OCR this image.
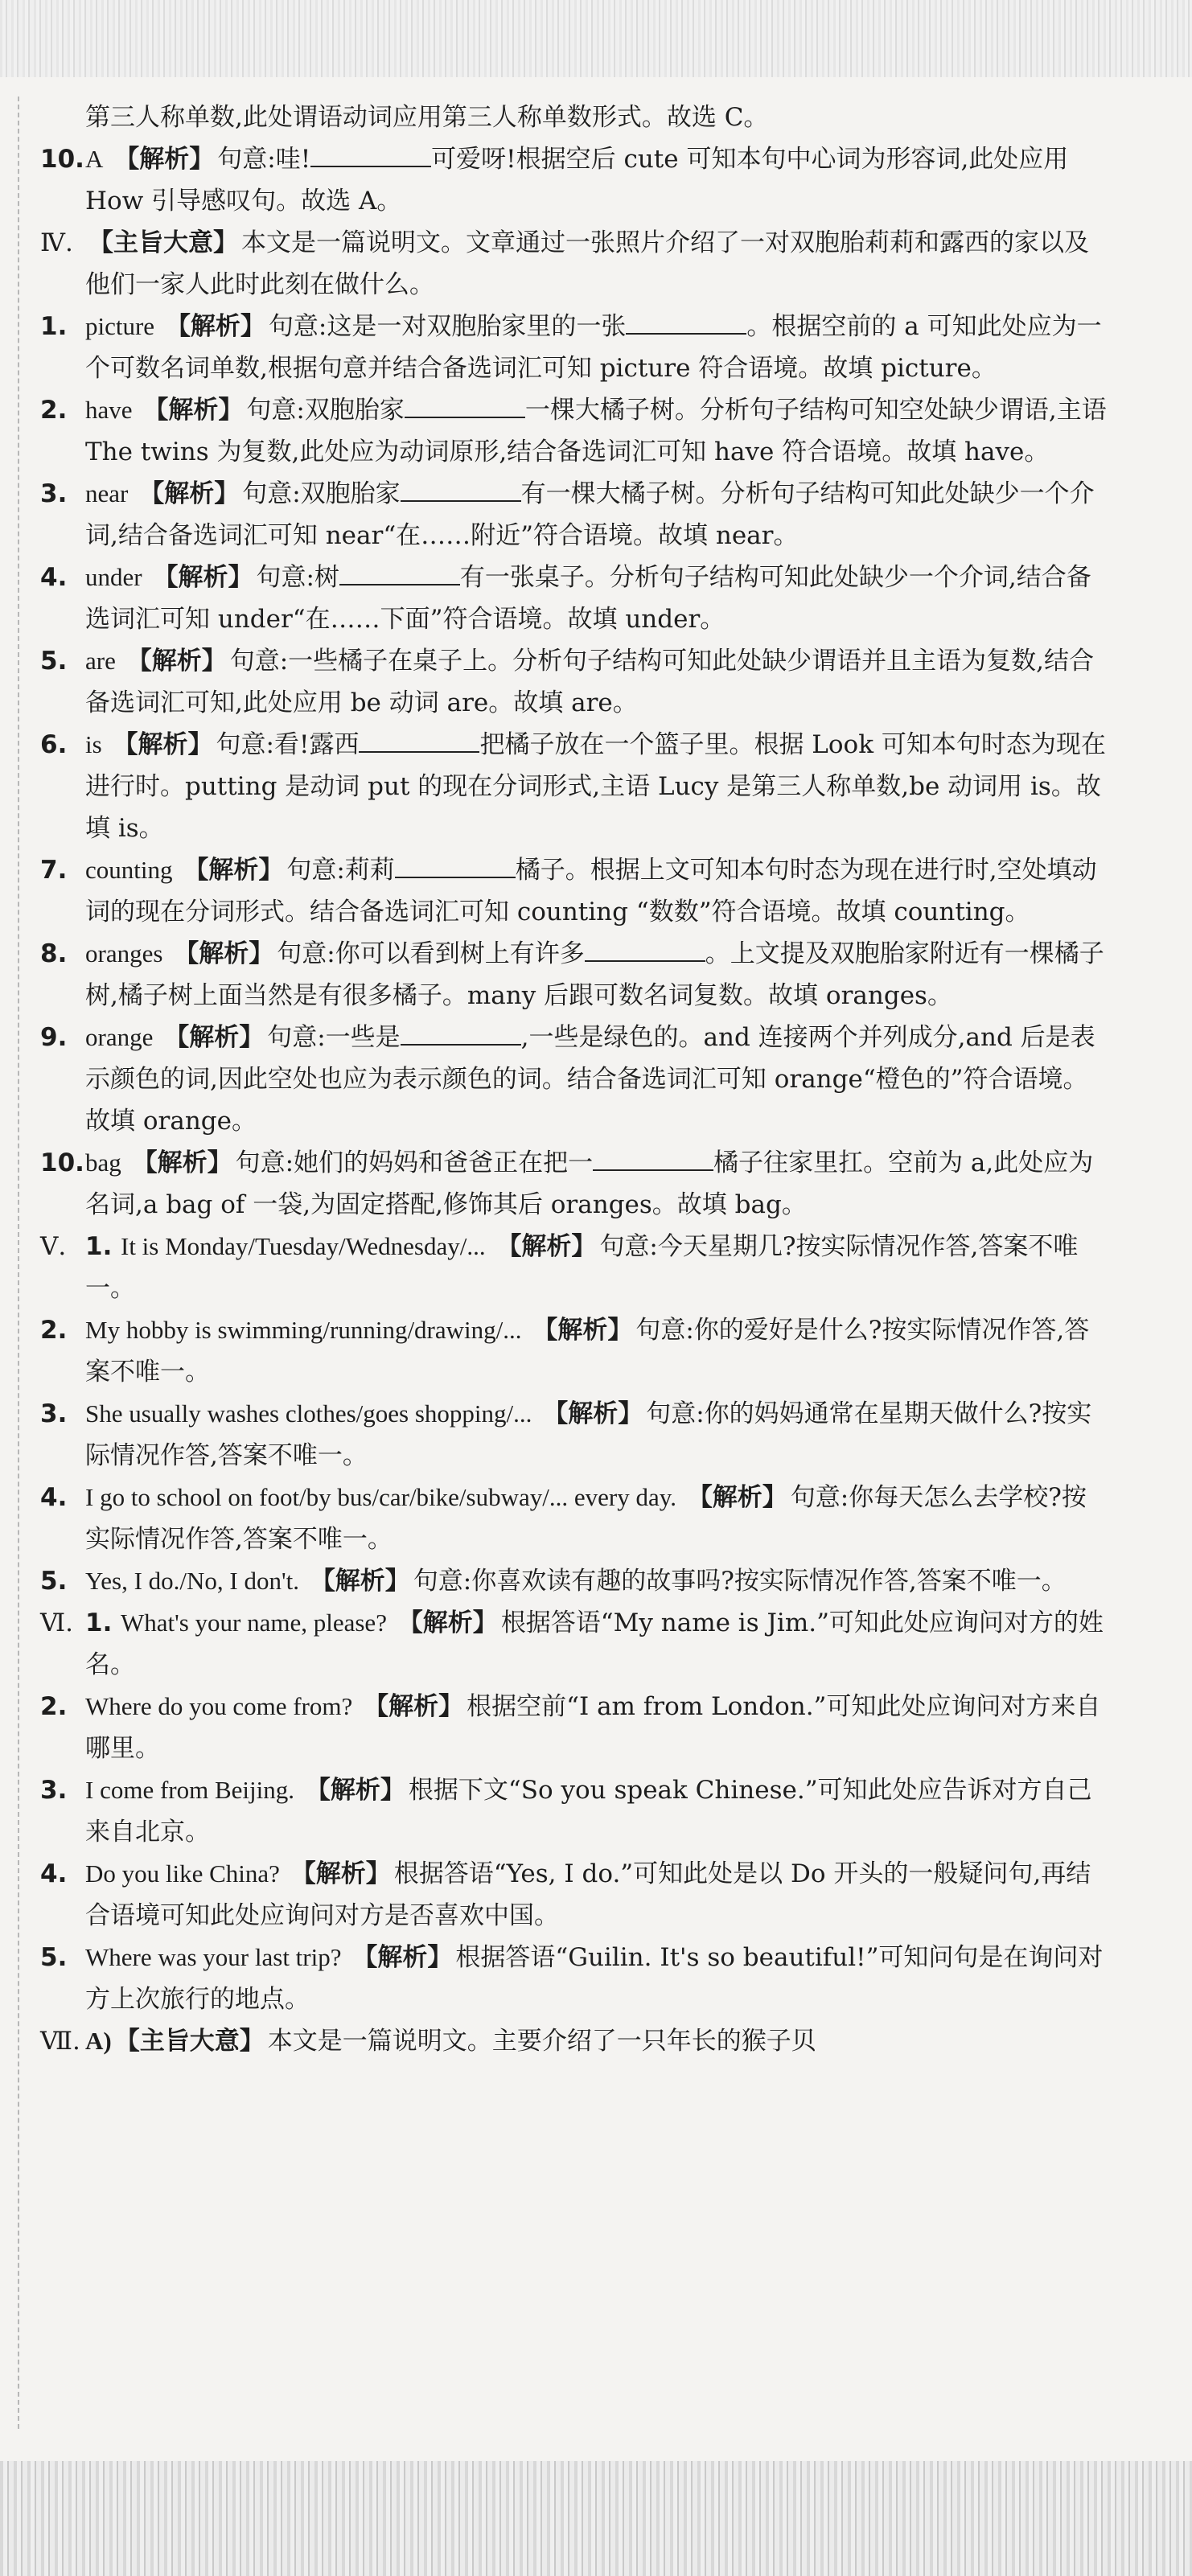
第三人称单数,此处谓语动词应用第三人称单数形式。故选 C。

10.A 【解析】 句意:哇!	可爱呀!根据空后 cute 可知本句中心词为形容词,此处应用 How 引导感叹句。故选 A。

Ⅳ. 【主旨大意】 本文是一篇说明文。文章通过一张照片介绍了一对双胞胎莉莉和露西的家以及他们一家人此时此刻在做什么。

1. picture 【解析】 句意:这是一对双胞胎家里的一张	。根据空前的 a 可知此处应为一个可数名词单数,根据句意并结合备选词汇可知 picture 符合语境。故填 picture。

2. have 【解析】 句意:双胞胎家	一棵大橘子树。分析句子结构可知空处缺少谓语,主语 The twins 为复数,此处应为动词原形,结合备选词汇可知 have 符合语境。故填 have。

3. near 【解析】 句意:双胞胎家	有一棵大橘子树。分析句子结构可知此处缺少一个介词,结合备选词汇可知 near“在……附近”符合语境。故填 near。

4. under 【解析】 句意:树	有一张桌子。分析句子结构可知此处缺少一个介词,结合备选词汇可知 under“在……下面”符合语境。故填 under。

5. are 【解析】 句意:一些橘子在桌子上。分析句子结构可知此处缺少谓语并且主语为复数,结合备选词汇可知,此处应用 be 动词 are。故填 are。

6. is 【解析】 句意:看!露西	把橘子放在一个篮子里。根据 Look 可知本句时态为现在进行时。putting 是动词 put 的现在分词形式,主语 Lucy 是第三人称单数,be 动词用 is。故填 is。

7. counting 【解析】 句意:莉莉	橘子。根据上文可知本句时态为现在进行时,空处填动词的现在分词形式。结合备选词汇可知 counting “数数”符合语境。故填 counting。

8. oranges 【解析】 句意:你可以看到树上有许多	。上文提及双胞胎家附近有一棵橘子树,橘子树上面当然是有很多橘子。many 后跟可数名词复数。故填 oranges。

9. orange 【解析】 句意:一些是	,一些是绿色的。and 连接两个并列成分,and 后是表示颜色的词,因此空处也应为表示颜色的词。结合备选词汇可知 orange“橙色的”符合语境。故填 orange。

10.bag 【解析】 句意:她们的妈妈和爸爸正在把一	橘子往家里扛。空前为 a,此处应为名词,a bag of 一袋,为固定搭配,修饰其后 oranges。故填 bag。

Ⅴ. 1. It is Monday/Tuesday/Wednesday/... 【解析】 句意:今天星期几?按实际情况作答,答案不唯一。

2. My hobby is swimming/running/drawing/... 【解析】 句意:你的爱好是什么?按实际情况作答,答案不唯一。

3. She usually washes clothes/goes shopping/... 【解析】 句意:你的妈妈通常在星期天做什么?按实际情况作答,答案不唯一。

4. I go to school on foot/by bus/car/bike/subway/... every day. 【解析】 句意:你每天怎么去学校?按实际情况作答,答案不唯一。

5. Yes, I do./No, I don't. 【解析】 句意:你喜欢读有趣的故事吗?按实际情况作答,答案不唯一。

Ⅵ. 1. What's your name, please? 【解析】 根据答语“My name is Jim.”可知此处应询问对方的姓名。

2. Where do you come from? 【解析】 根据空前“I am from London.”可知此处应询问对方来自哪里。

3. I come from Beijing. 【解析】 根据下文“So you speak Chinese.”可知此处应告诉对方自己来自北京。

4. Do you like China? 【解析】 根据答语“Yes, I do.”可知此处是以 Do 开头的一般疑问句,再结合语境可知此处应询问对方是否喜欢中国。

5. Where was your last trip? 【解析】 根据答语“Guilin. It's so beautiful!”可知问句是在询问对方上次旅行的地点。

Ⅶ. A) 【主旨大意】 本文是一篇说明文。主要介绍了一只年长的猴子贝
